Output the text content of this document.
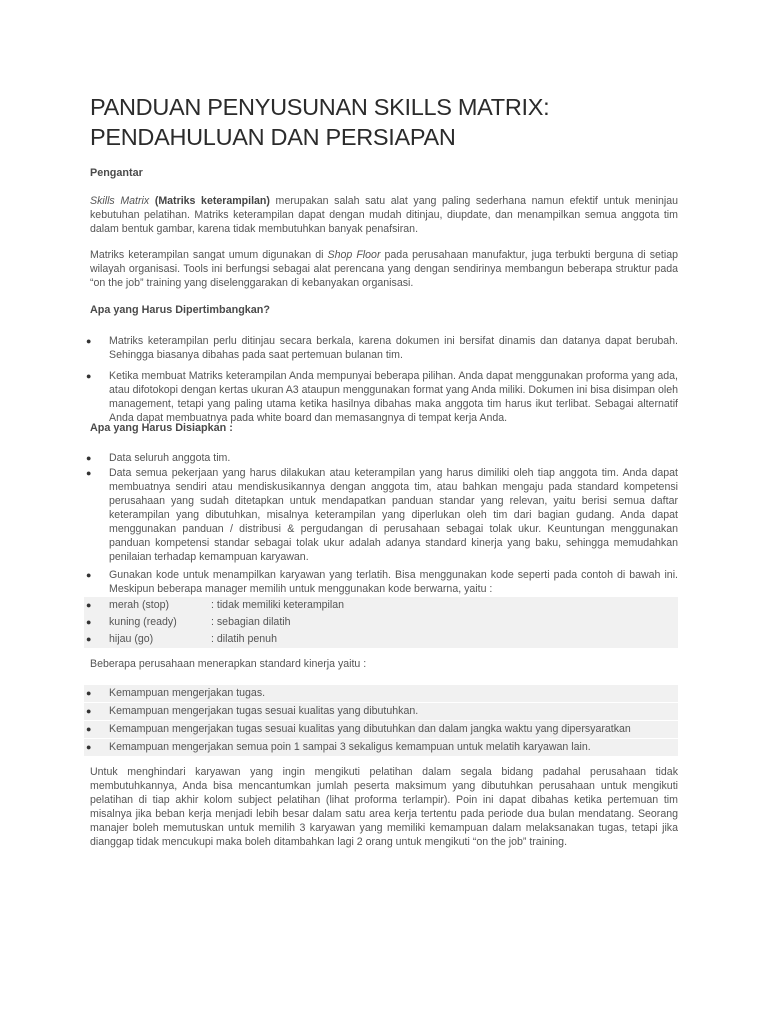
PANDUAN PENYUSUNAN SKILLS MATRIX:
PENDAHULUAN DAN PERSIAPAN
Pengantar
Skills Matrix (Matriks keterampilan) merupakan salah satu alat yang paling sederhana namun efektif untuk meninjau kebutuhan pelatihan. Matriks keterampilan dapat dengan mudah ditinjau, diupdate, dan menampilkan semua anggota tim dalam bentuk gambar, karena tidak membutuhkan banyak penafsiran.
Matriks keterampilan sangat umum digunakan di Shop Floor pada perusahaan manufaktur, juga terbukti berguna di setiap wilayah organisasi. Tools ini berfungsi sebagai alat perencana yang dengan sendirinya membangun beberapa struktur pada “on the job” training yang diselenggarakan di kebanyakan organisasi.
Apa yang Harus Dipertimbangkan?
● Matriks keterampilan perlu ditinjau secara berkala, karena dokumen ini bersifat dinamis dan datanya dapat berubah. Sehingga biasanya dibahas pada saat pertemuan bulanan tim.
● Ketika membuat Matriks keterampilan Anda mempunyai beberapa pilihan. Anda dapat menggunakan proforma yang ada, atau difotokopi dengan kertas ukuran A3 ataupun menggunakan format yang Anda miliki. Dokumen ini bisa disimpan oleh management, tetapi yang paling utama ketika hasilnya dibahas maka anggota tim harus ikut terlibat. Sebagai alternatif Anda dapat membuatnya pada white board dan memasangnya di tempat kerja Anda.
Apa yang Harus Disiapkan :
● Data seluruh anggota tim.
● Data semua pekerjaan yang harus dilakukan atau keterampilan yang harus dimiliki oleh tiap anggota tim. Anda dapat membuatnya sendiri atau mendiskusikannya dengan anggota tim, atau bahkan mengaju pada standard kompetensi perusahaan yang sudah ditetapkan untuk mendapatkan panduan standar yang relevan, yaitu berisi semua daftar keterampilan yang dibutuhkan, misalnya keterampilan yang diperlukan oleh tim dari bagian gudang. Anda dapat menggunakan panduan / distribusi & pergudangan di perusahaan sebagai tolak ukur. Keuntungan menggunakan panduan kompetensi standar sebagai tolak ukur adalah adanya standard kinerja yang baku, sehingga memudahkan penilaian terhadap kemampuan karyawan.
● Gunakan kode untuk menampilkan karyawan yang terlatih. Bisa menggunakan kode seperti pada contoh di bawah ini. Meskipun beberapa manager memilih untuk menggunakan kode berwarna, yaitu :
● merah (stop)	: tidak memiliki keterampilan
● kuning (ready)	: sebagian dilatih
● hijau (go)	: dilatih penuh
Beberapa perusahaan menerapkan standard kinerja yaitu :
● Kemampuan mengerjakan tugas.
● Kemampuan mengerjakan tugas sesuai kualitas yang dibutuhkan.
● Kemampuan mengerjakan tugas sesuai kualitas yang dibutuhkan dan dalam jangka waktu yang dipersyaratkan
● Kemampuan mengerjakan semua poin 1 sampai 3 sekaligus kemampuan untuk melatih karyawan lain.
Untuk menghindari karyawan yang ingin mengikuti pelatihan dalam segala bidang padahal perusahaan tidak membutuhkannya, Anda bisa mencantumkan jumlah peserta maksimum yang dibutuhkan perusahaan untuk mengikuti pelatihan di tiap akhir kolom subject pelatihan (lihat proforma terlampir). Poin ini dapat dibahas ketika pertemuan tim misalnya jika beban kerja menjadi lebih besar dalam satu area kerja tertentu pada periode dua bulan mendatang. Seorang manajer boleh memutuskan untuk memilih 3 karyawan yang memiliki kemampuan dalam melaksanakan tugas, tetapi jika dianggap tidak mencukupi maka boleh ditambahkan lagi 2 orang untuk mengikuti “on the job” training.
